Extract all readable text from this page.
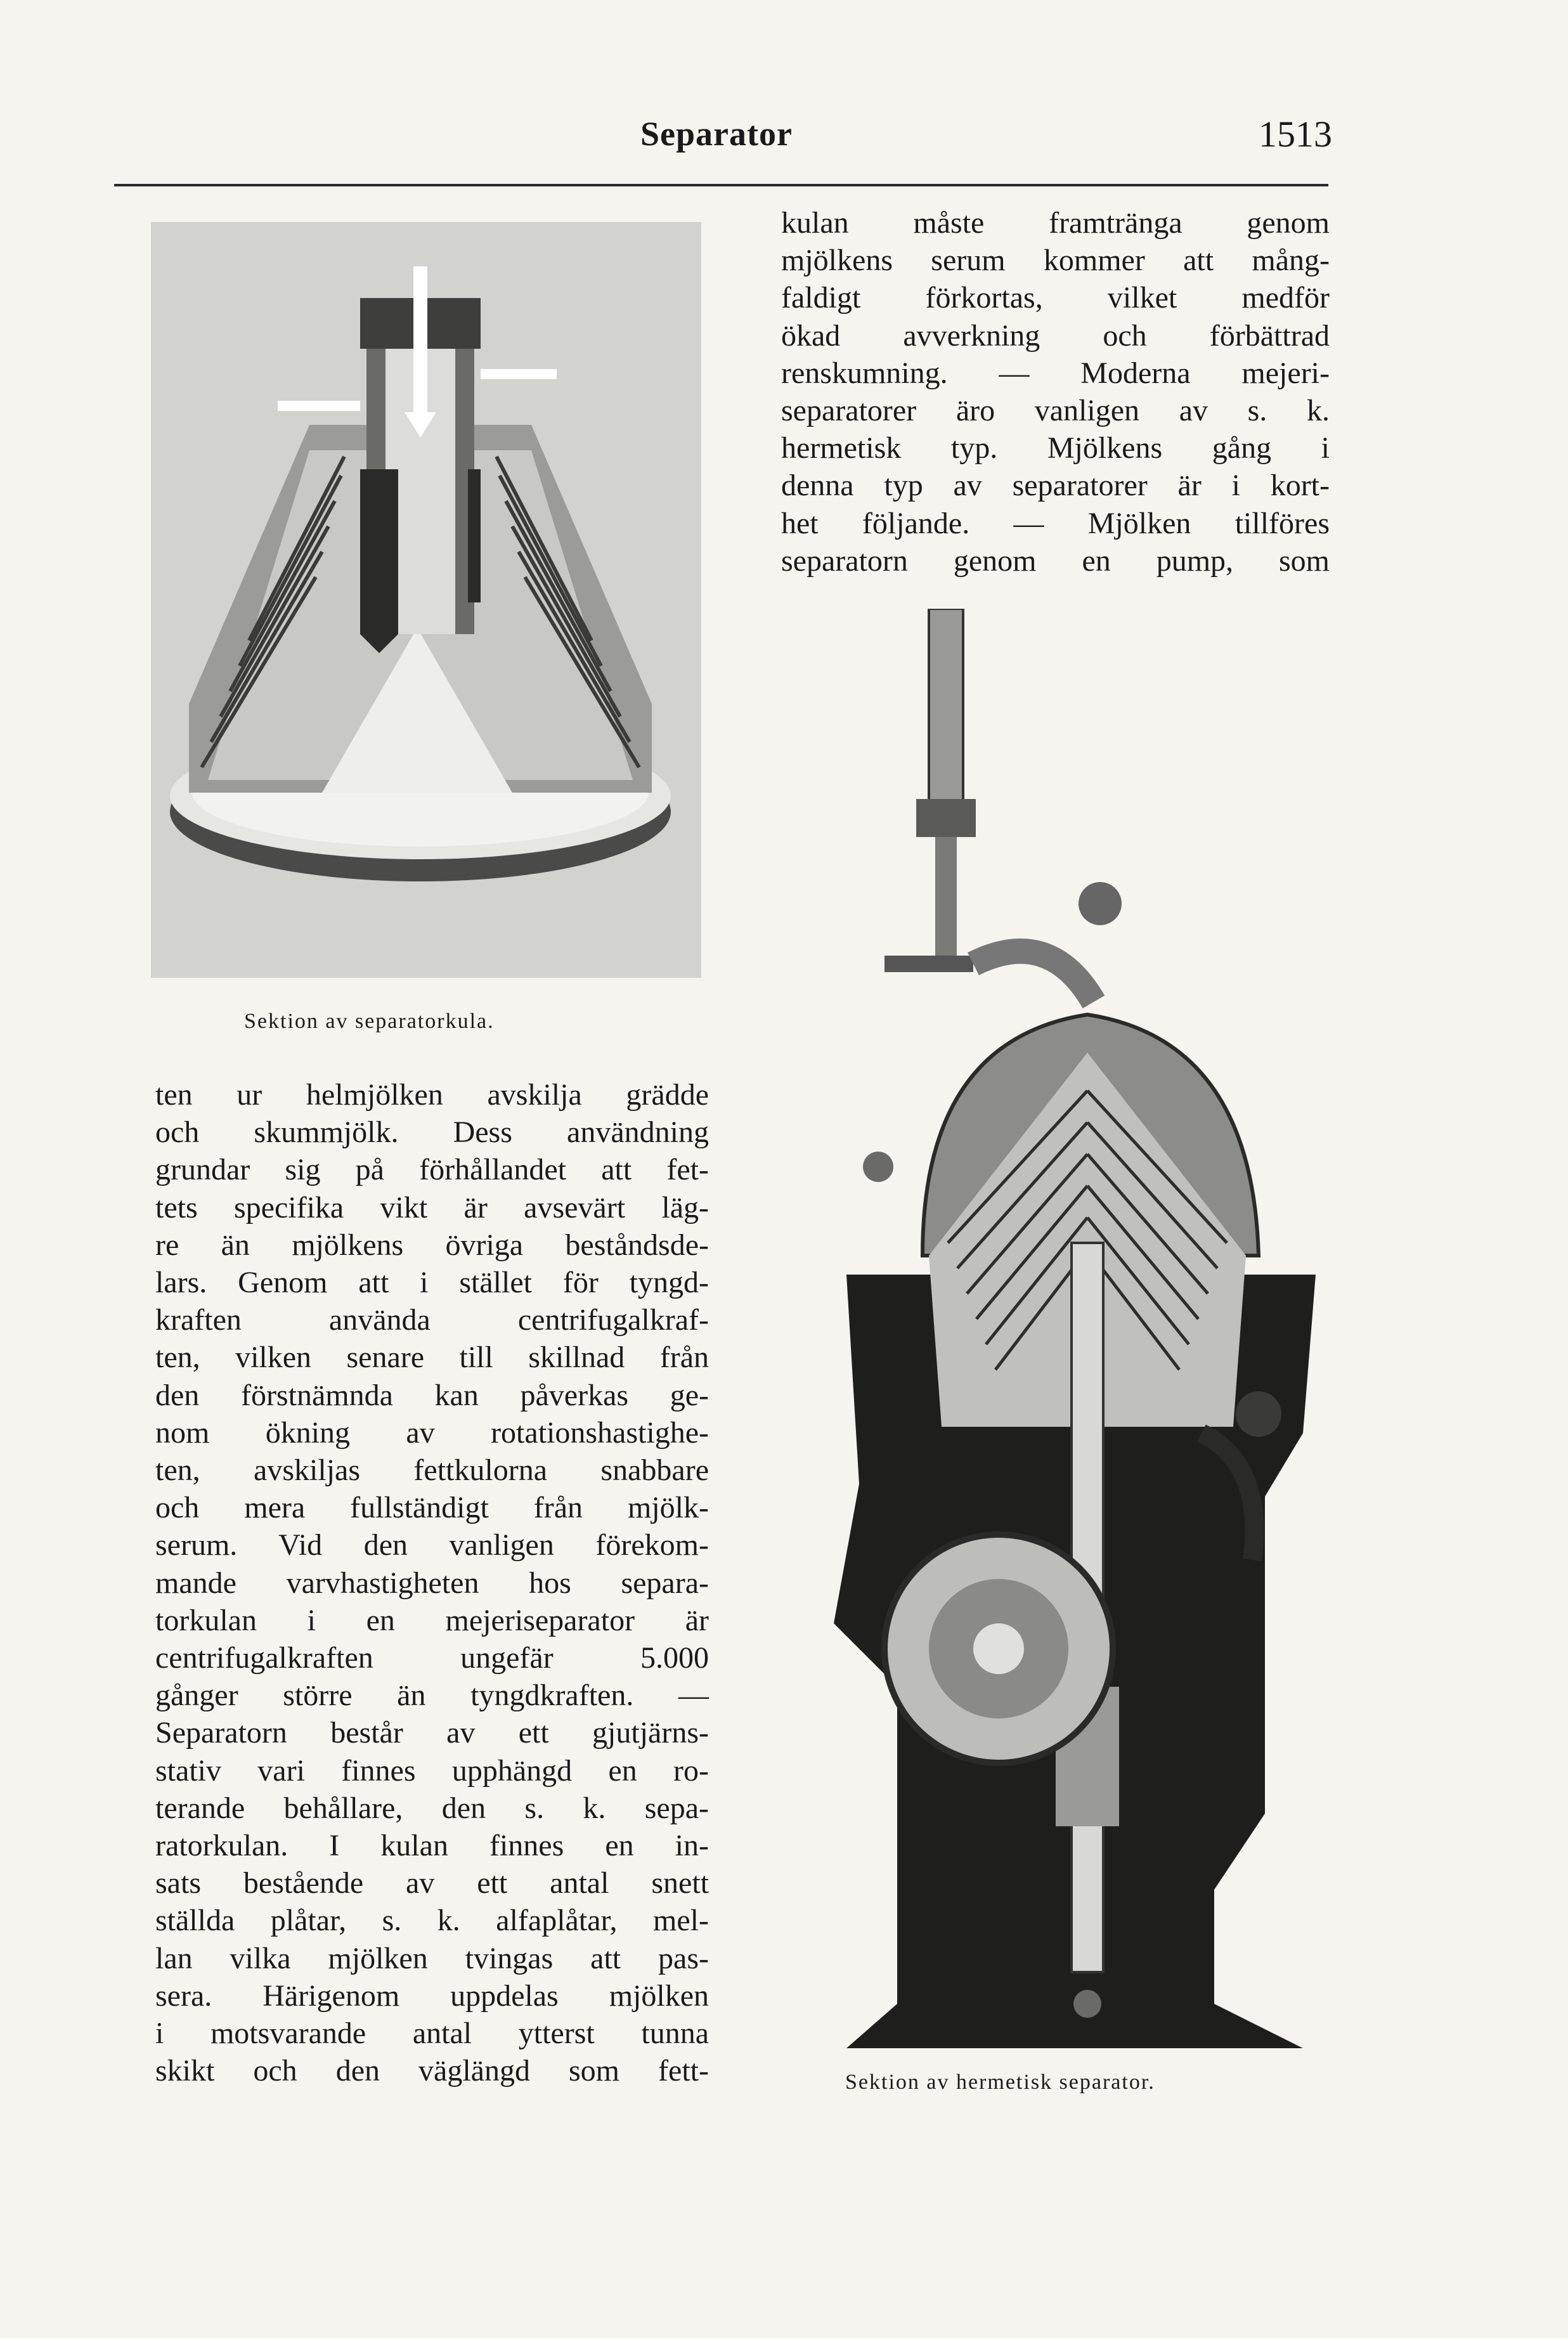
Separator	1513
Sektion av separatorkula.
kulan måste framtränga genom
mjölkens serum kommer att mång-
faldigt förkortas, vilket medför
ökad avverkning och förbättrad
renskumning. — Moderna mejeri-
separatorer äro vanligen av s. k.
hermetisk typ. Mjölkens gång i
denna typ av separatorer är i kort-
het följande. — Mjölken tillföres
separatorn genom en pump, som
Sektion av hermetisk separator.
ten ur helmjölken avskilja grädde
och skummjölk. Dess användning
grundar sig på förhållandet att fet-
tets specifika vikt är avsevärt läg-
re än mjölkens övriga beståndsde-
lars. Genom att i stället för tyngd-
kraften använda centrifugalkraf-
ten, vilken senare till skillnad från
den förstnämnda kan påverkas ge-
nom ökning av rotationshastighe-
ten, avskiljas fettkulorna snabbare
och mera fullständigt från mjölk-
serum. Vid den vanligen förekom-
mande varvhastigheten hos separa-
torkulan i en mejeriseparator är
centrifugalkraften ungefär 5.000
gånger större än tyngdkraften. —
Separatorn består av ett gjutjärns-
stativ vari finnes upphängd en ro-
terande behållare, den s. k. sepa-
ratorkulan. I kulan finnes en in-
sats bestående av ett antal snett
ställda plåtar, s. k. alfaplåtar, mel-
lan vilka mjölken tvingas att pas-
sera. Härigenom uppdelas mjölken
i motsvarande antal ytterst tunna
skikt och den väglängd som fett-
